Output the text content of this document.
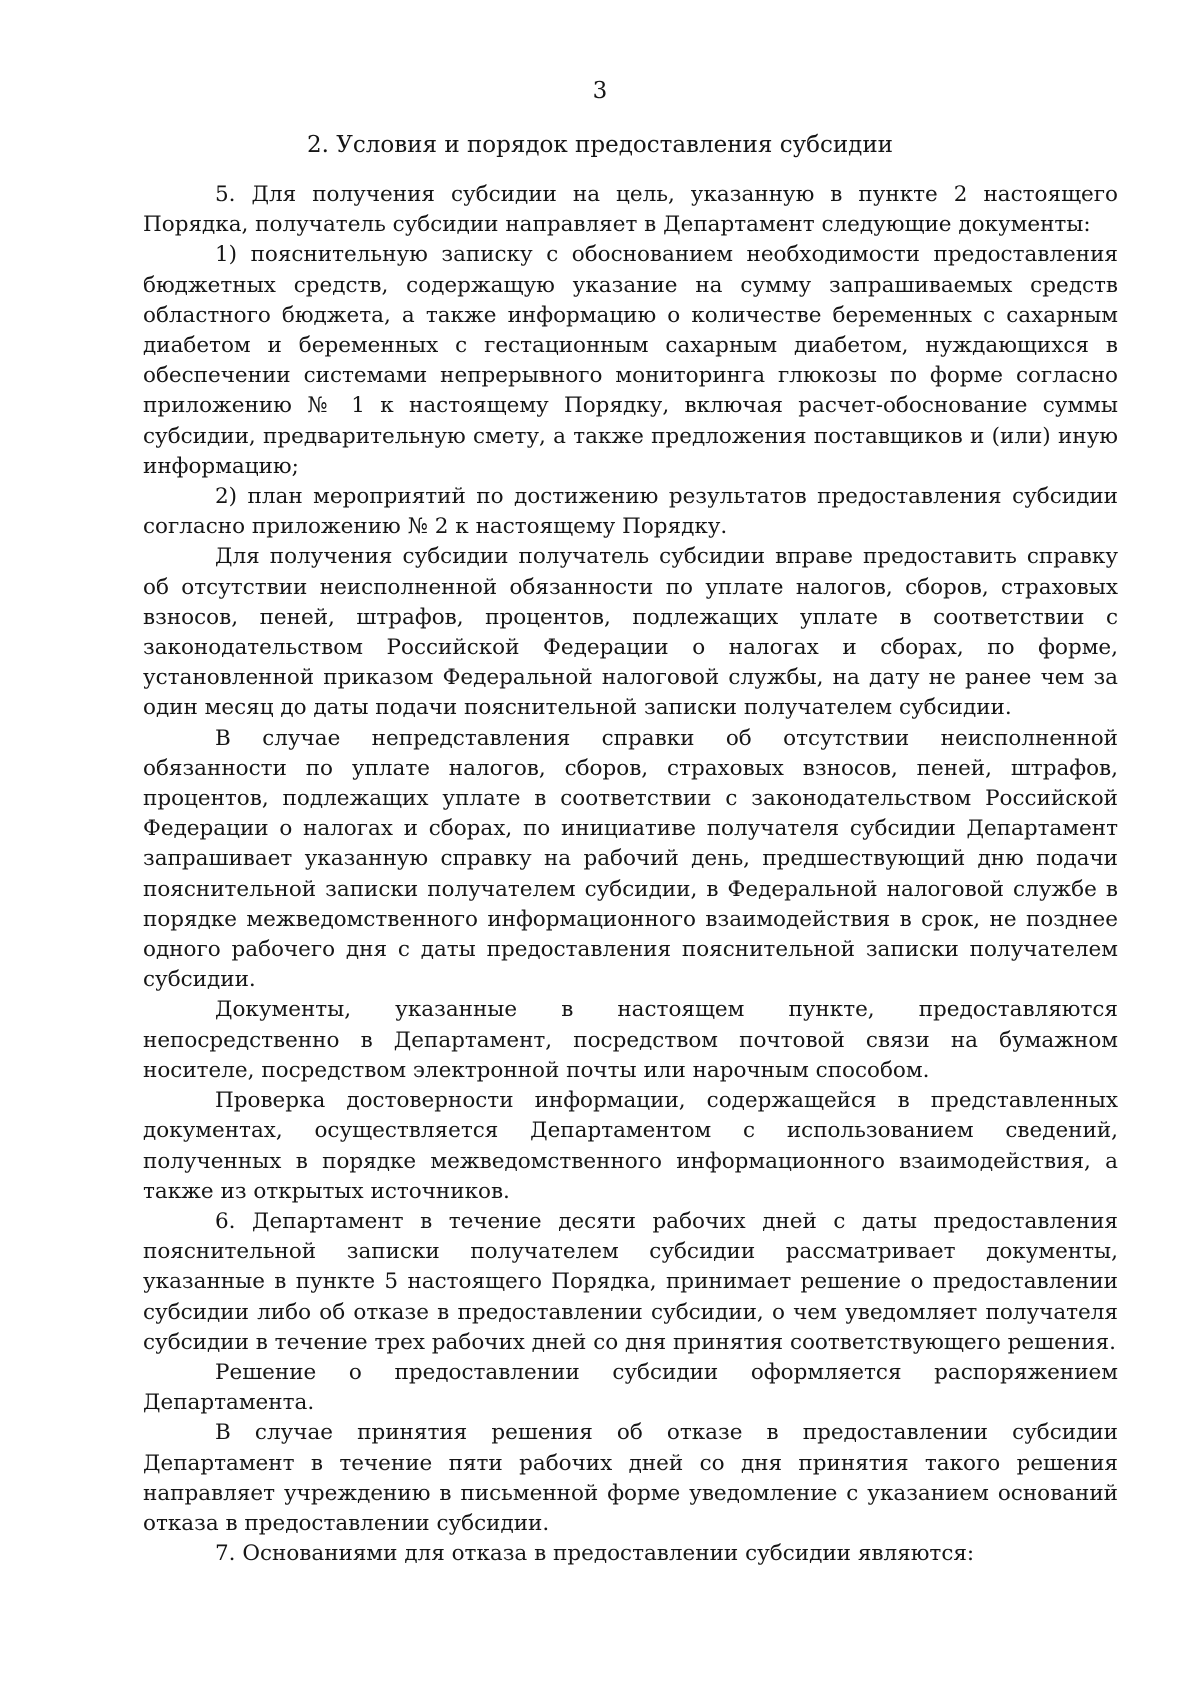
3

2. Условия и порядок предоставления субсидии

5. Для получения субсидии на цель, указанную в пункте 2 настоящего Порядка, получатель субсидии направляет в Департамент следующие документы:

1) пояснительную записку с обоснованием необходимости предоставления бюджетных средств, содержащую указание на сумму запрашиваемых средств областного бюджета, а также информацию о количестве беременных с сахарным диабетом и беременных с гестационным сахарным диабетом, нуждающихся в обеспечении системами непрерывного мониторинга глюкозы по форме согласно приложению № 1 к настоящему Порядку, включая расчет-обоснование суммы субсидии, предварительную смету, а также предложения поставщиков и (или) иную информацию;

2) план мероприятий по достижению результатов предоставления субсидии согласно приложению № 2 к настоящему Порядку.

Для получения субсидии получатель субсидии вправе предоставить справку об отсутствии неисполненной обязанности по уплате налогов, сборов, страховых взносов, пеней, штрафов, процентов, подлежащих уплате в соответствии с законодательством Российской Федерации о налогах и сборах, по форме, установленной приказом Федеральной налоговой службы, на дату не ранее чем за один месяц до даты подачи пояснительной записки получателем субсидии.

В случае непредставления справки об отсутствии неисполненной обязанности по уплате налогов, сборов, страховых взносов, пеней, штрафов, процентов, подлежащих уплате в соответствии с законодательством Российской Федерации о налогах и сборах, по инициативе получателя субсидии Департамент запрашивает указанную справку на рабочий день, предшествующий дню подачи пояснительной записки получателем субсидии, в Федеральной налоговой службе в порядке межведомственного информационного взаимодействия в срок, не позднее одного рабочего дня с даты предоставления пояснительной записки получателем субсидии.

Документы, указанные в настоящем пункте, предоставляются непосредственно в Департамент, посредством почтовой связи на бумажном носителе, посредством электронной почты или нарочным способом.

Проверка достоверности информации, содержащейся в представленных документах, осуществляется Департаментом с использованием сведений, полученных в порядке межведомственного информационного взаимодействия, а также из открытых источников.

6. Департамент в течение десяти рабочих дней с даты предоставления пояснительной записки получателем субсидии рассматривает документы, указанные в пункте 5 настоящего Порядка, принимает решение о предоставлении субсидии либо об отказе в предоставлении субсидии, о чем уведомляет получателя субсидии в течение трех рабочих дней со дня принятия соответствующего решения.

Решение о предоставлении субсидии оформляется распоряжением Департамента.

В случае принятия решения об отказе в предоставлении субсидии Департамент в течение пяти рабочих дней со дня принятия такого решения направляет учреждению в письменной форме уведомление с указанием оснований отказа в предоставлении субсидии.

7. Основаниями для отказа в предоставлении субсидии являются:
